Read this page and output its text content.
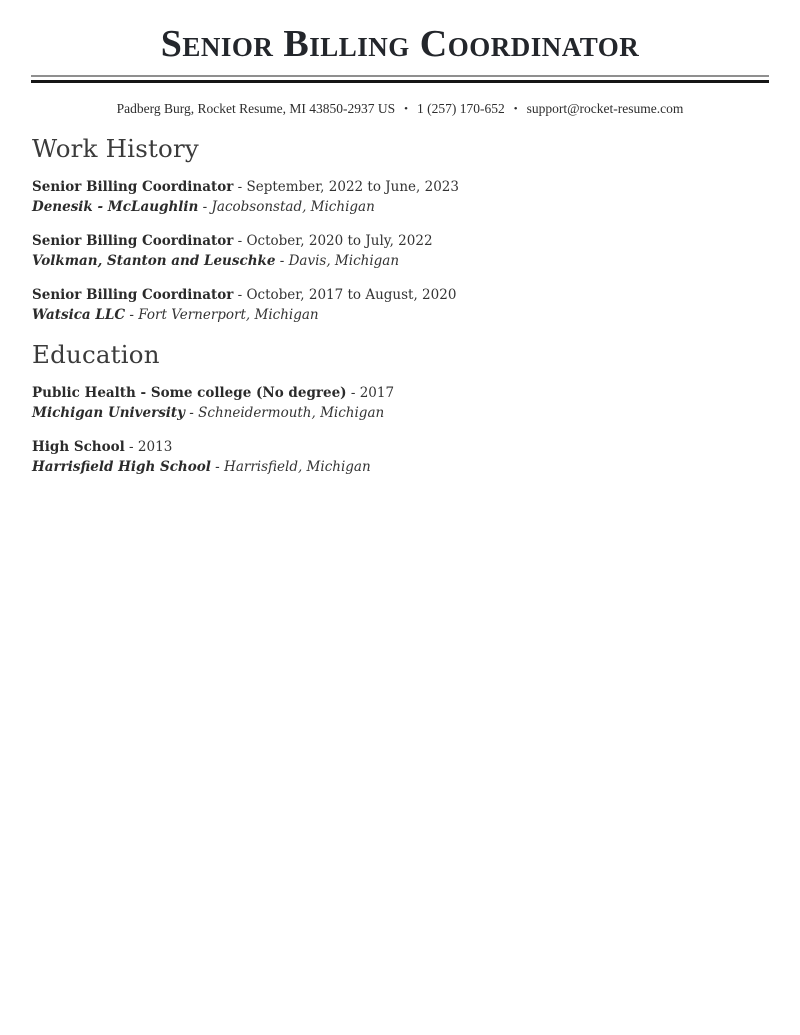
Senior Billing Coordinator
Padberg Burg, Rocket Resume, MI 43850-2937 US • 1 (257) 170-652 • support@rocket-resume.com
Work History

Senior Billing Coordinator - September, 2022 to June, 2023

Denesik - McLaughlin - Jacobsonstad, Michigan

Senior Billing Coordinator - October, 2020 to July, 2022

Volkman, Stanton and Leuschke - Davis, Michigan

Senior Billing Coordinator - October, 2017 to August, 2020

Watsica LLC - Fort Vernerport, Michigan

Education

Public Health - Some college (No degree) - 2017

Michigan University - Schneidermouth, Michigan

High School - 2013

Harrisfield High School - Harrisfield, Michigan
